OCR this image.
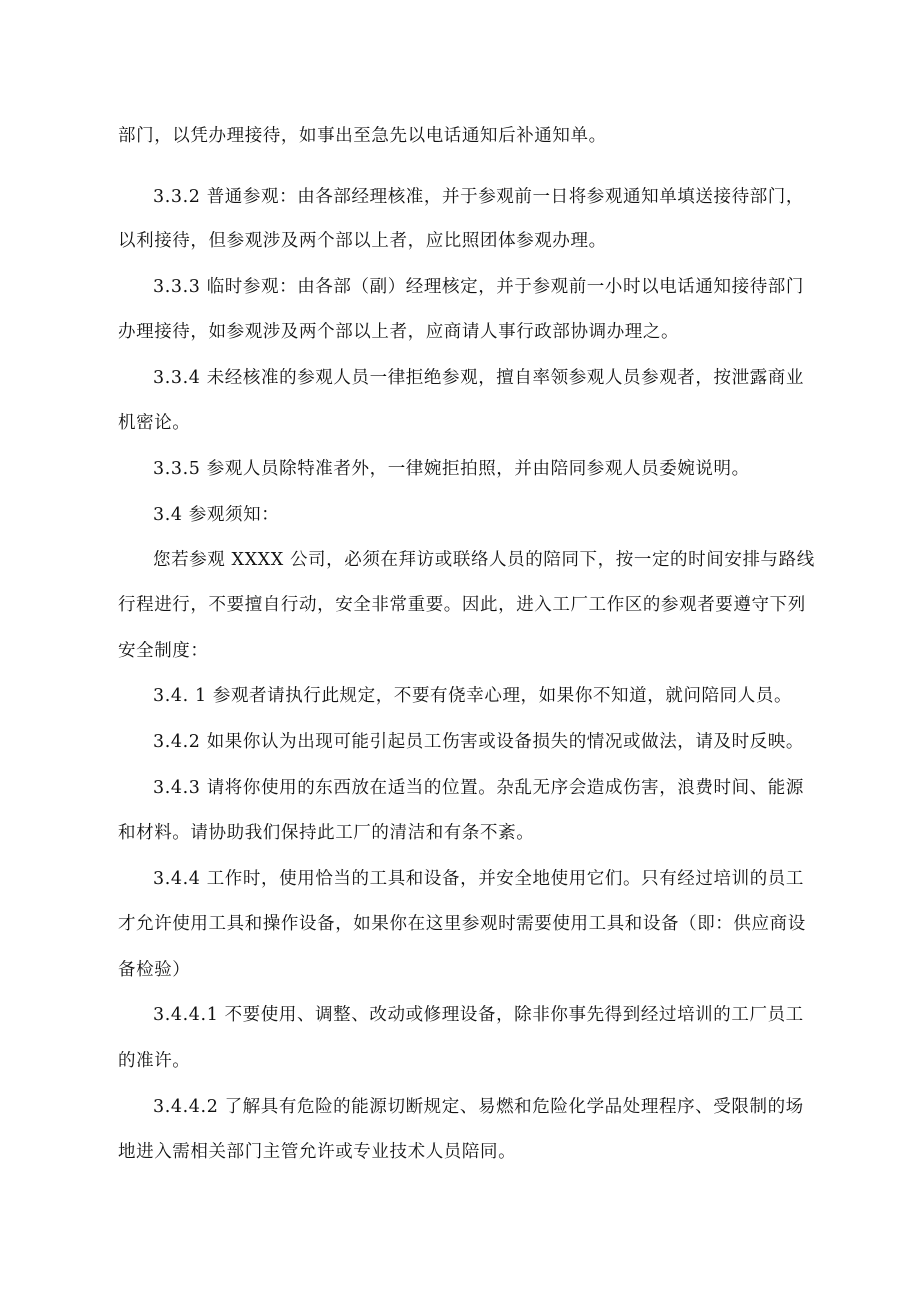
部门，以凭办理接待，如事出至急先以电话通知后补通知单。
3.3.2 普通参观：由各部经理核准，并于参观前一日将参观通知单填送接待部门，
以利接待，但参观涉及两个部以上者，应比照团体参观办理。
3.3.3 临时参观：由各部（副）经理核定，并于参观前一小时以电话通知接待部门
办理接待，如参观涉及两个部以上者，应商请人事行政部协调办理之。
3.3.4 未经核准的参观人员一律拒绝参观，擅自率领参观人员参观者，按泄露商业
机密论。
3.3.5 参观人员除特准者外，一律婉拒拍照，并由陪同参观人员委婉说明。
3.4 参观须知：
您若参观 XXXX 公司，必须在拜访或联络人员的陪同下，按一定的时间安排与路线
行程进行，不要擅自行动，安全非常重要。因此，进入工厂工作区的参观者要遵守下列
安全制度：
3.4. 1 参观者请执行此规定，不要有侥幸心理，如果你不知道，就问陪同人员。
3.4.2 如果你认为出现可能引起员工伤害或设备损失的情况或做法，请及时反映。
3.4.3 请将你使用的东西放在适当的位置。杂乱无序会造成伤害，浪费时间、能源
和材料。请协助我们保持此工厂的清洁和有条不紊。
3.4.4 工作时，使用恰当的工具和设备，并安全地使用它们。只有经过培训的员工
才允许使用工具和操作设备，如果你在这里参观时需要使用工具和设备（即：供应商设
备检验）
3.4.4.1 不要使用、调整、改动或修理设备，除非你事先得到经过培训的工厂员工
的准许。
3.4.4.2 了解具有危险的能源切断规定、易燃和危险化学品处理程序、受限制的场
地进入需相关部门主管允许或专业技术人员陪同。
